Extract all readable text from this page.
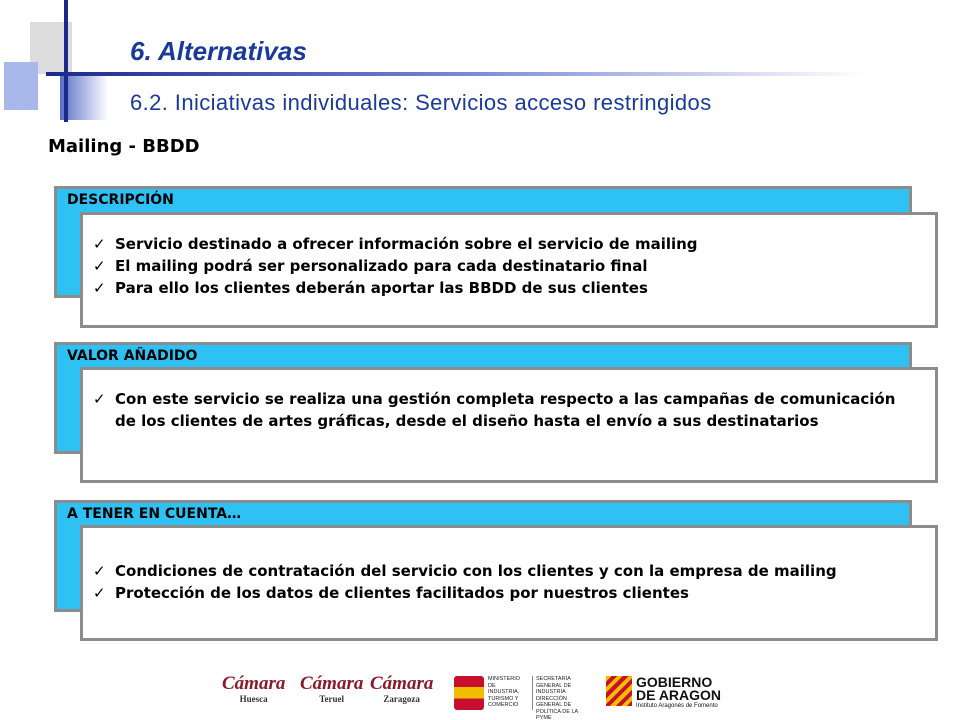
6. Alternativas
6.2. Iniciativas individuales: Servicios acceso restringidos
Mailing - BBDD
DESCRIPCIÓN
✓ Servicio destinado a ofrecer información sobre el servicio de mailing
✓ El mailing podrá ser personalizado para cada destinatario final
✓ Para ello los clientes deberán aportar las BBDD de sus clientes
VALOR AÑADIDO
✓ Con este servicio se realiza una gestión completa respecto a las campañas de comunicación de los clientes de artes gráficas, desde el diseño hasta el envío a sus destinatarios
A TENER EN CUENTA…
✓ Condiciones de contratación del servicio con los clientes y con la empresa de mailing
✓ Protección de los datos de clientes facilitados por nuestros clientes
Cámara
Huesca
Cámara
Teruel
Cámara
Zaragoza
MINISTERIO DE INDUSTRIA, TURISMO Y COMERCIO
SECRETARÍA GENERAL DE INDUSTRIA
DIRECCIÓN GENERAL DE POLÍTICA DE LA PYME
GOBIERNO
DE ARAGON
Instituto Aragonés de Fomento
